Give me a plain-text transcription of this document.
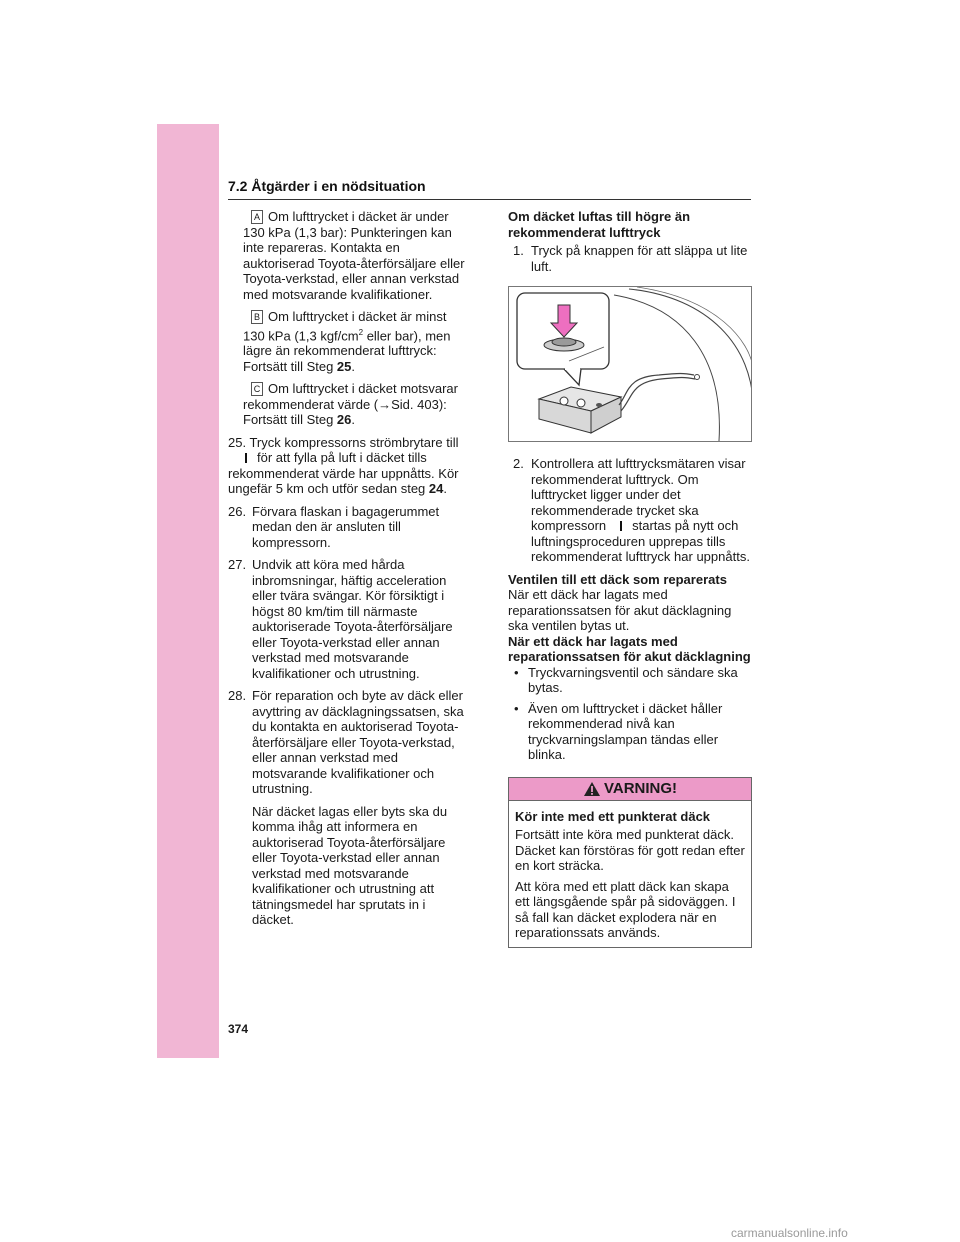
7.2 Åtgärder i en nödsituation

A Om lufttrycket i däcket är under 130 kPa (1,3 bar): Punkteringen kan inte repareras. Kontakta en auktoriserad Toyota-återförsäljare eller Toyota-verkstad, eller annan verkstad med motsvarande kvalifikationer.

B Om lufttrycket i däcket är minst 130 kPa (1,3 kgf/$cm^2$ eller bar), men lägre än rekommenderat lufttryck: Fortsätt till Steg 25.

C Om lufttrycket i däcket motsvarar rekommenderat värde (→Sid. 403): Fortsätt till Steg 26.

25. Tryck kompressorns strömbrytare till
för att fylla på luft i däcket tills rekommenderat värde har uppnåtts. Kör ungefär 5 km och utför sedan steg 24.

26. Förvara flaskan i bagagerummet medan den är ansluten till kompressorn.
27. Undvik att köra med hårda inbromsningar, häftig acceleration eller tvära svängar. Kör försiktigt i högst 80 km/tim till närmaste auktoriserade Toyota-återförsäljare eller Toyota-verkstad eller annan verkstad med motsvarande kvalifikationer och utrustning.
28. För reparation och byte av däck eller avyttring av däcklagningssatsen, ska du kontakta en auktoriserad Toyota-återförsäljare eller Toyota-verkstad, eller annan verkstad med motsvarande kvalifikationer och utrustning.

När däcket lagas eller byts ska du komma ihåg att informera en auktoriserad Toyota-återförsäljare eller Toyota-verkstad eller annan verkstad med motsvarande kvalifikationer och utrustning att tätningsmedel har sprutats in i däcket.

Om däcket luftas till högre än rekommenderat lufttryck

1. Tryck på knappen för att släppa ut lite luft.
2. Kontrollera att lufttrycksmätaren visar rekommenderat lufttryck. Om lufttrycket ligger under det rekommenderade trycket ska kompressorn startas på nytt och luftningsproceduren upprepas tills rekommenderat lufttryck har uppnåtts.

Ventilen till ett däck som reparerats

När ett däck har lagats med reparationssatsen för akut däcklagning ska ventilen bytas ut.

När ett däck har lagats med reparationssatsen för akut däcklagning

• Tryckvarningsventil och sändare ska bytas.
• Även om lufttrycket i däcket håller rekommenderad nivå kan tryckvarningslampan tändas eller blinka.
VARNING!

Kör inte med ett punkterat däck

Fortsätt inte köra med punkterat däck. Däcket kan förstöras för gott redan efter en kort sträcka.

Att köra med ett platt däck kan skapa ett längsgående spår på sidoväggen. I så fall kan däcket explodera när en reparationssats används.

374
carmanualsonline.info
